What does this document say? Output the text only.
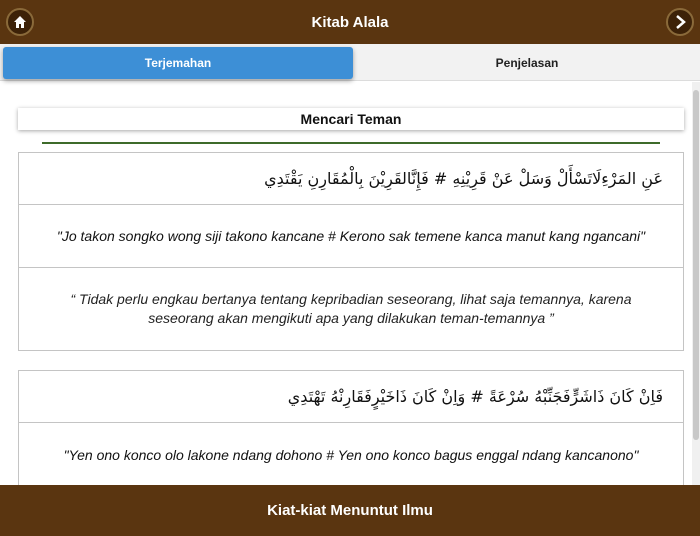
Kitab Alala
Terjemahan	Penjelasan
Mencari Teman
عَنِ المَرْءِلَاتَسْأَلْ وَسَلْ عَنْ قَرِيْنِهِ # فَإِنَّالقَرِيْنَ بِالْمُقَارِنِ يَقْتَدِي
"Jo takon songko wong siji takono kancane # Kerono sak temene kanca manut kang ngancani"
“ Tidak perlu engkau bertanya tentang kepribadian seseorang, lihat saja temannya, karena seseorang akan mengikuti apa yang dilakukan teman-temannya ”
فَاِنْ كَانَ ذَاشَرٍّفَجَنِّبْهُ سُرْعَةً # وَاِنْ كَانَ ذَاخَيْرٍفَقَارِنْهُ تَهْتَدِي
"Yen ono konco olo lakone ndang dohono # Yen ono konco bagus enggal ndang kancanono"
Kiat-kiat Menuntut Ilmu
